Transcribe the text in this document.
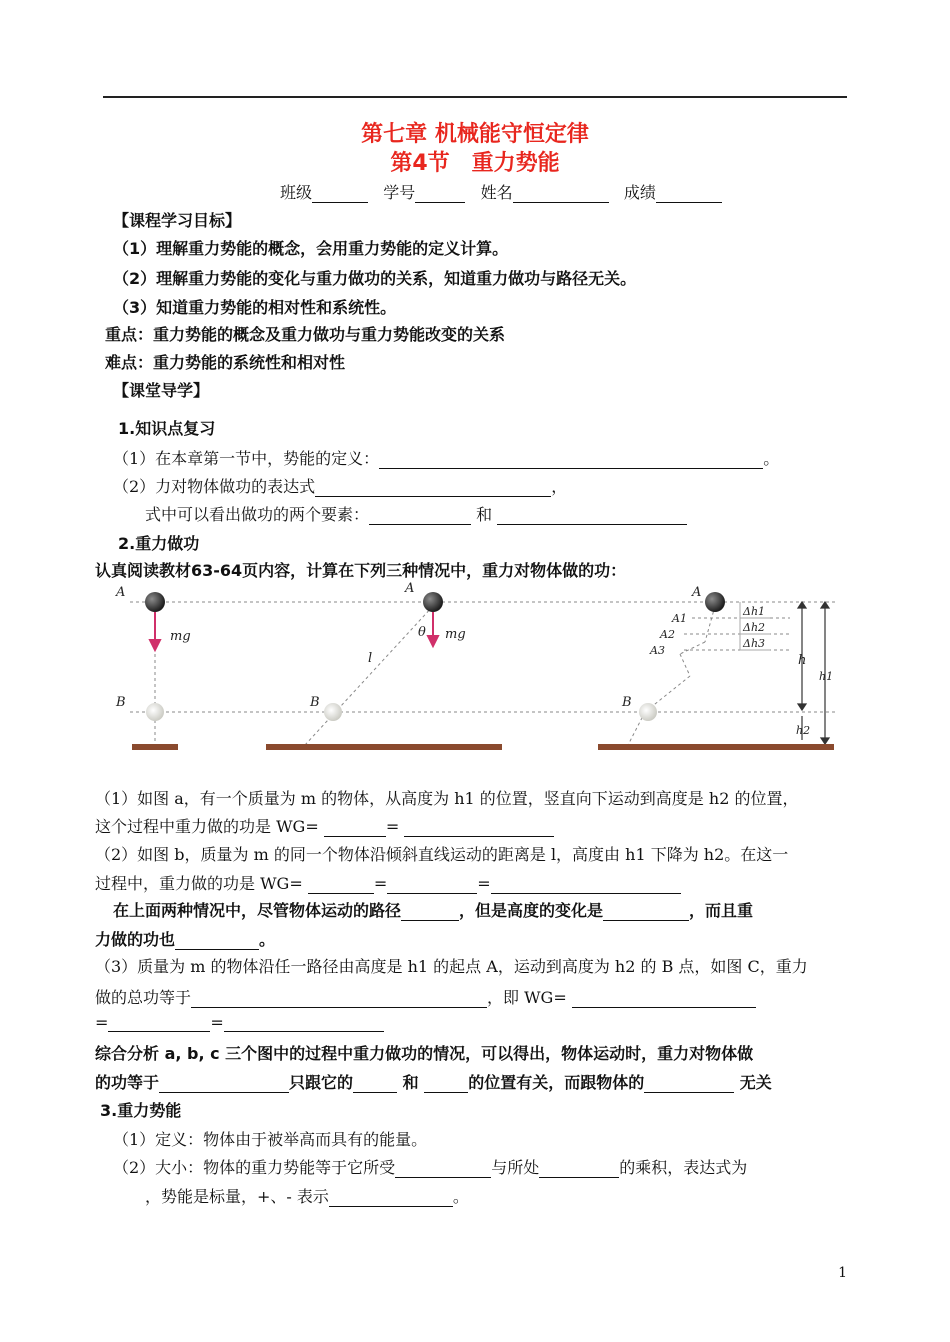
第七章 机械能守恒定律
第4节　重力势能
班级	学号	姓名	成绩
【课程学习目标】
（1）理解重力势能的概念，会用重力势能的定义计算。
（2）理解重力势能的变化与重力做功的关系，知道重力做功与路径无关。
（3）知道重力势能的相对性和系统性。
重点：重力势能的概念及重力做功与重力势能改变的关系
难点：重力势能的系统性和相对性
【课堂导学】
1.知识点复习
（1）在本章第一节中，势能的定义：	。
（2）力对物体做功的表达式	，
式中可以看出做功的两个要素：	和
2.重力做功
认真阅读教材63-64页内容，计算在下列三种情况中，重力对物体做的功：
A
B
mg
A
B
θ mg
l
A
B
A1
A2
A3
Δh1
Δh2
Δh3
h
h1
h2
（1）如图 a，有一个质量为 m 的物体，从高度为 h1 的位置，竖直向下运动到高度是 h2 的位置，
这个过程中重力做的功是 WG=	=
（2）如图 b，质量为 m 的同一个物体沿倾斜直线运动的距离是 l，高度由 h1 下降为 h2。在这一
过程中，重力做的功是 WG=	=	=
在上面两种情况中，尽管物体运动的路径	，但是高度的变化是	，而且重
力做的功也	。
（3）质量为 m 的物体沿任一路径由高度是 h1 的起点 A，运动到高度为 h2 的 B 点，如图 C，重力
做的总功等于	，即 WG=
=	=
综合分析 a, b, c 三个图中的过程中重力做功的情况，可以得出，物体运动时，重力对物体做
的功等于	只跟它的	和	的位置有关，而跟物体的	无关
3.重力势能
（1）定义：物体由于被举高而具有的能量。
（2）大小：物体的重力势能等于它所受	与所处	的乘积，表达式为
，势能是标量，+、- 表示	。
1
